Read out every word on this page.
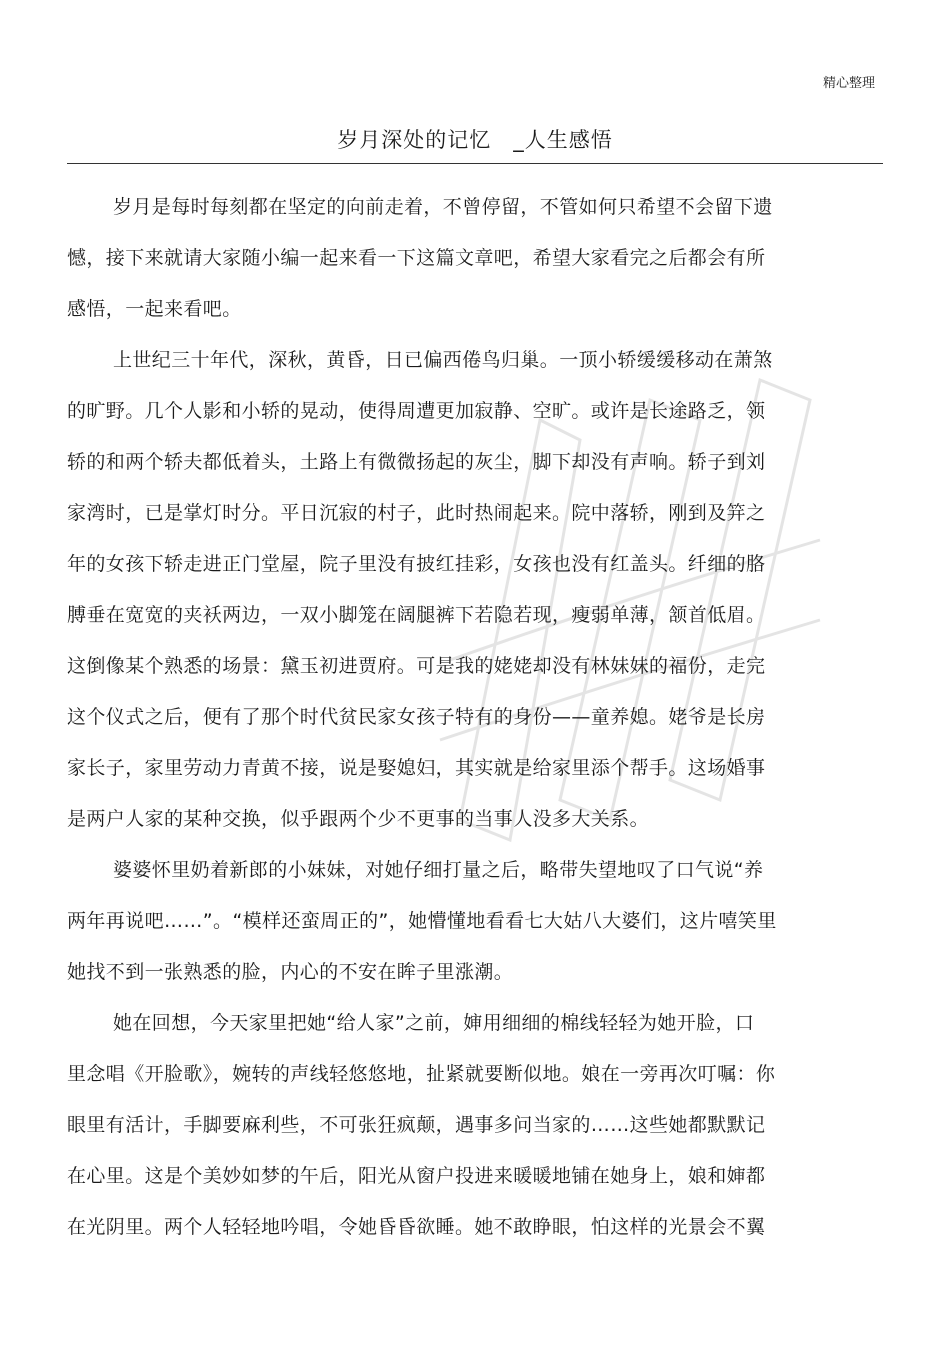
精心整理
岁月深处的记忆　_人生感悟
岁月是每时每刻都在坚定的向前走着，不曾停留，不管如何只希望不会留下遗
憾，接下来就请大家随小编一起来看一下这篇文章吧，希望大家看完之后都会有所
感悟，一起来看吧。
上世纪三十年代，深秋，黄昏，日已偏西倦鸟归巢。一顶小轿缓缓移动在萧煞
的旷野。几个人影和小轿的晃动，使得周遭更加寂静、空旷。或许是长途路乏，领
轿的和两个轿夫都低着头，土路上有微微扬起的灰尘，脚下却没有声响。轿子到刘
家湾时，已是掌灯时分。平日沉寂的村子，此时热闹起来。院中落轿，刚到及笄之
年的女孩下轿走进正门堂屋，院子里没有披红挂彩，女孩也没有红盖头。纤细的胳
膊垂在宽宽的夹袄两边，一双小脚笼在阔腿裤下若隐若现，瘦弱单薄，颔首低眉。
这倒像某个熟悉的场景：黛玉初进贾府。可是我的姥姥却没有林妹妹的福份，走完
这个仪式之后，便有了那个时代贫民家女孩子特有的身份——童养媳。姥爷是长房
家长子，家里劳动力青黄不接，说是娶媳妇，其实就是给家里添个帮手。这场婚事
是两户人家的某种交换，似乎跟两个少不更事的当事人没多大关系。
婆婆怀里奶着新郎的小妹妹，对她仔细打量之后，略带失望地叹了口气说“养
两年再说吧……”。“模样还蛮周正的”，她懵懂地看看七大姑八大婆们，这片嘻笑里
她找不到一张熟悉的脸，内心的不安在眸子里涨潮。
她在回想，今天家里把她“给人家”之前，婶用细细的棉线轻轻为她开脸，口
里念唱《开脸歌》，婉转的声线轻悠悠地，扯紧就要断似地。娘在一旁再次叮嘱：你
眼里有活计，手脚要麻利些，不可张狂疯颠，遇事多问当家的……这些她都默默记
在心里。这是个美妙如梦的午后，阳光从窗户投进来暖暖地铺在她身上，娘和婶都
在光阴里。两个人轻轻地吟唱，令她昏昏欲睡。她不敢睁眼，怕这样的光景会不翼
